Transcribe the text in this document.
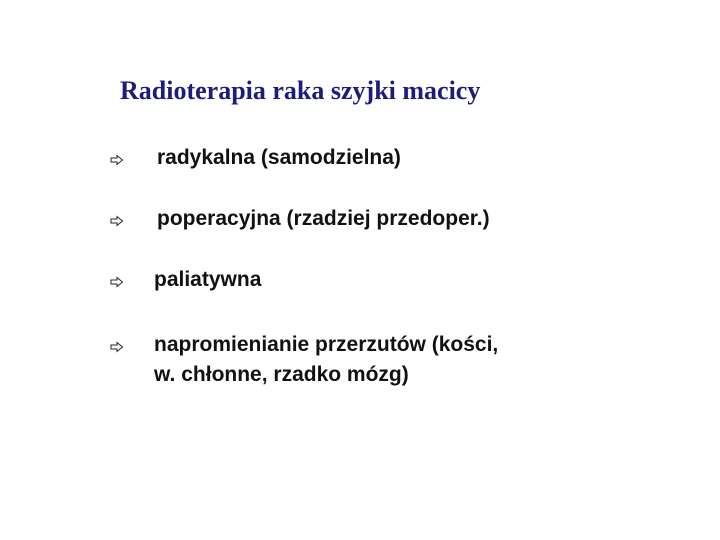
Radioterapia raka szyjki macicy
radykalna (samodzielna)
poperacyjna (rzadziej przedoper.)
paliatywna
napromienianie przerzutów (kości,
w. chłonne, rzadko mózg)
